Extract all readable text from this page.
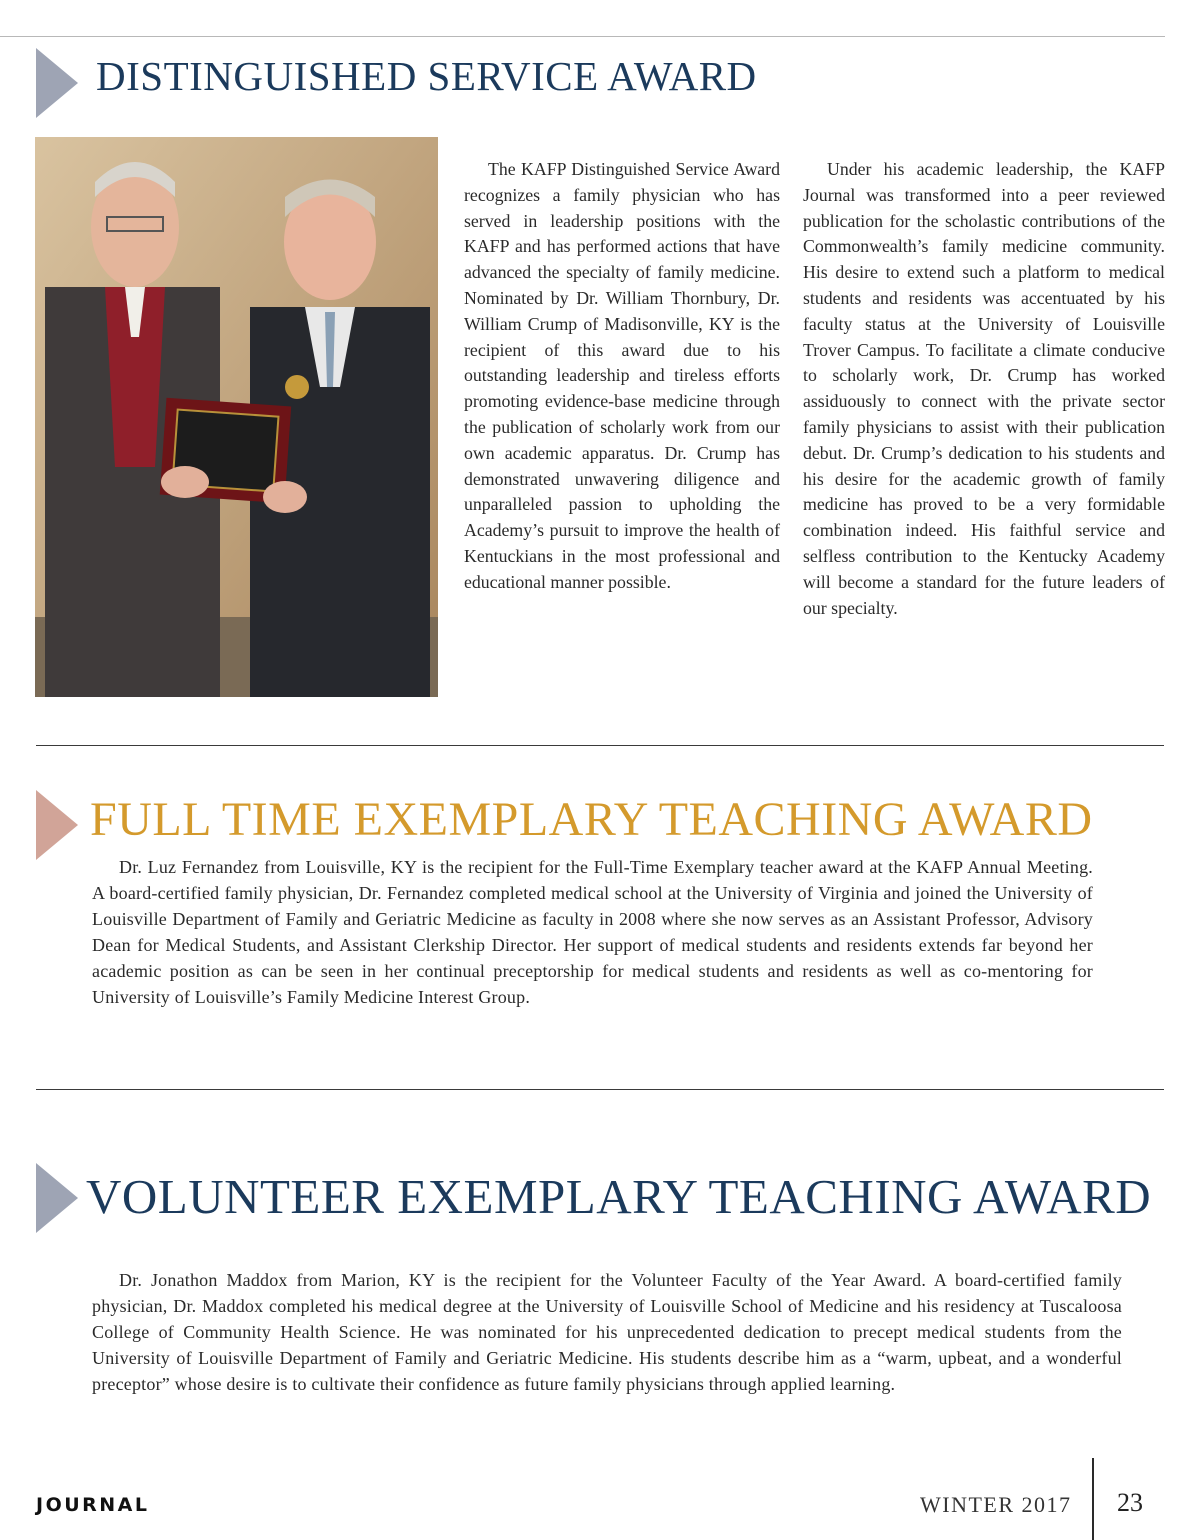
DISTINGUISHED SERVICE AWARD

The KAFP Distinguished Service Award recognizes a family physician who has served in leadership positions with the KAFP and has performed actions that have advanced the specialty of family medicine. Nominated by Dr. William Thornbury, Dr. William Crump of Madisonville, KY is the recipient of this award due to his outstanding leadership and tireless efforts promoting evidence-base medicine through the publication of scholarly work from our own academic apparatus. Dr. Crump has demonstrated unwavering diligence and unparalleled passion to upholding the Academy’s pursuit to improve the health of Kentuckians in the most professional and educational manner possible.

Under his academic leadership, the KAFP Journal was transformed into a peer reviewed publication for the scholastic contributions of the Commonwealth’s family medicine community. His desire to extend such a platform to medical students and residents was accentuated by his faculty status at the University of Louisville Trover Campus. To facilitate a climate conducive to scholarly work, Dr. Crump has worked assiduously to connect with the private sector family physicians to assist with their publication debut. Dr. Crump’s dedication to his students and his desire for the academic growth of family medicine has proved to be a very formidable combination indeed. His faithful service and selfless contribution to the Kentucky Academy will become a standard for the future leaders of our specialty.

FULL TIME EXEMPLARY TEACHING AWARD

Dr. Luz Fernandez from Louisville, KY is the recipient for the Full-Time Exemplary teacher award at the KAFP Annual Meeting. A board-certified family physician, Dr. Fernandez completed medical school at the University of Virginia and joined the University of Louisville Department of Family and Geriatric Medicine as faculty in 2008 where she now serves as an Assistant Professor, Advisory Dean for Medical Students, and Assistant Clerkship Director. Her support of medical students and residents extends far beyond her academic position as can be seen in her continual preceptorship for medical students and residents as well as co-mentoring for University of Louisville’s Family Medicine Interest Group.

VOLUNTEER EXEMPLARY TEACHING AWARD

Dr. Jonathon Maddox from Marion, KY is the recipient for the Volunteer Faculty of the Year Award. A board-certified family physician, Dr. Maddox completed his medical degree at the University of Louisville School of Medicine and his residency at Tuscaloosa College of Community Health Science. He was nominated for his unprecedented dedication to precept medical students from the University of Louisville Department of Family and Geriatric Medicine. His students describe him as a “warm, upbeat, and a wonderful preceptor” whose desire is to cultivate their confidence as future family physicians through applied learning.

JOURNAL	WINTER 2017 23
